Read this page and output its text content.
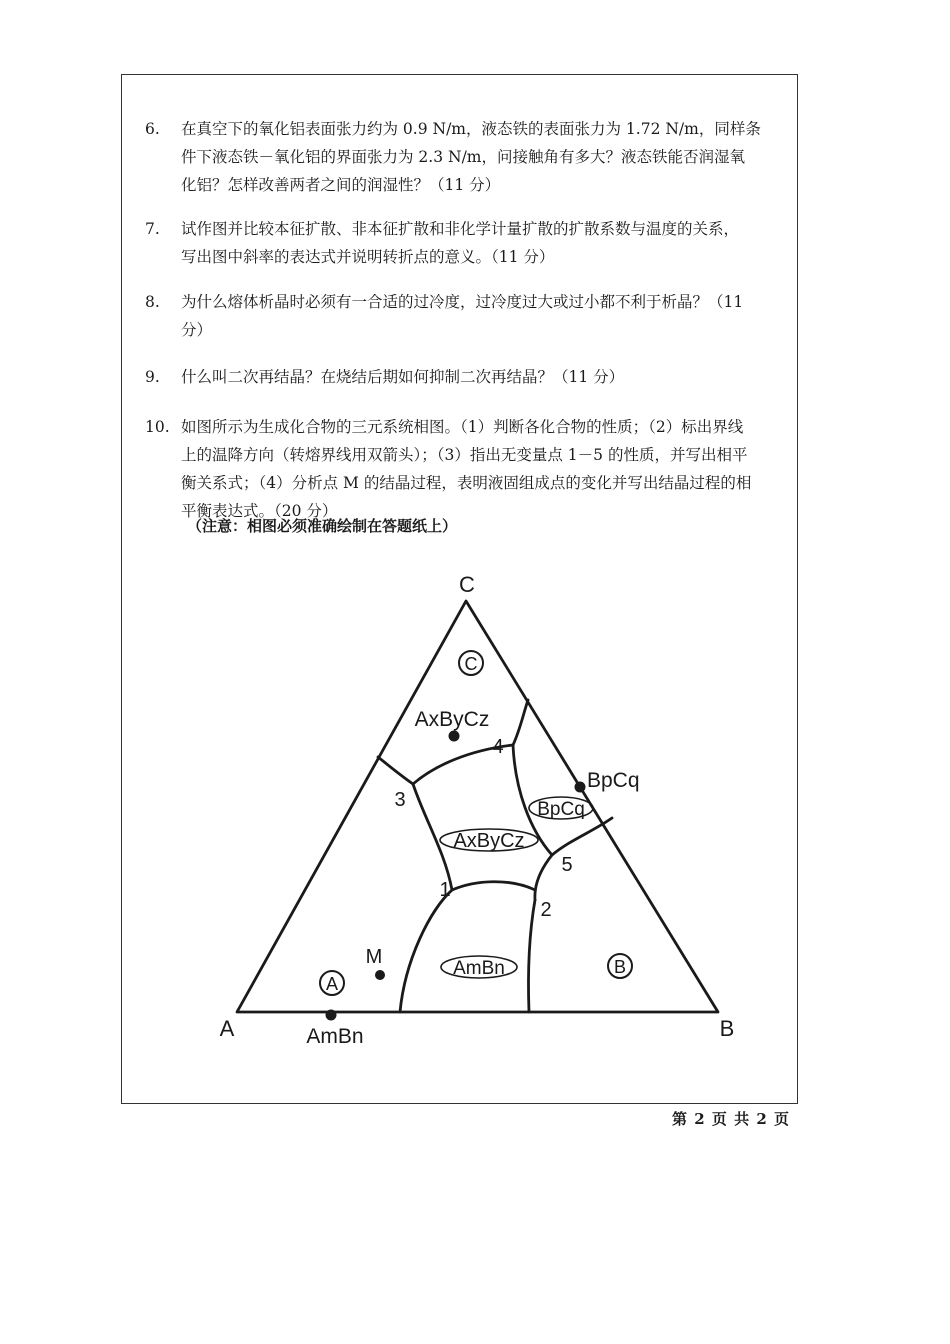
6.	在真空下的氧化铝表面张力约为 0.9 N/m，液态铁的表面张力为 1.72 N/m，同样条
件下液态铁－氧化铝的界面张力为 2.3 N/m，问接触角有多大？液态铁能否润湿氧
化铝？怎样改善两者之间的润湿性？（11 分）
7.	试作图并比较本征扩散、非本征扩散和非化学计量扩散的扩散系数与温度的关系，
写出图中斜率的表达式并说明转折点的意义。（11 分）
8.	为什么熔体析晶时必须有一合适的过冷度，过冷度过大或过小都不利于析晶？（11
分）
9.	什么叫二次再结晶？在烧结后期如何抑制二次再结晶？（11 分）
10. 如图所示为生成化合物的三元系统相图。（1）判断各化合物的性质；（2）标出界线
上的温降方向（转熔界线用双箭头）；（3）指出无变量点 1－5 的性质，并写出相平
衡关系式；（4）分析点 M 的结晶过程，表明液固组成点的变化并写出结晶过程的相
平衡表达式。（20 分）
（注意：相图必须准确绘制在答题纸上）
C
A
B
AxByCz
BpCq
AmBn
AxByCz
BpCq
AmBn
C
A	B
M
1
2
3
4
5
第 2 页 共 2 页
